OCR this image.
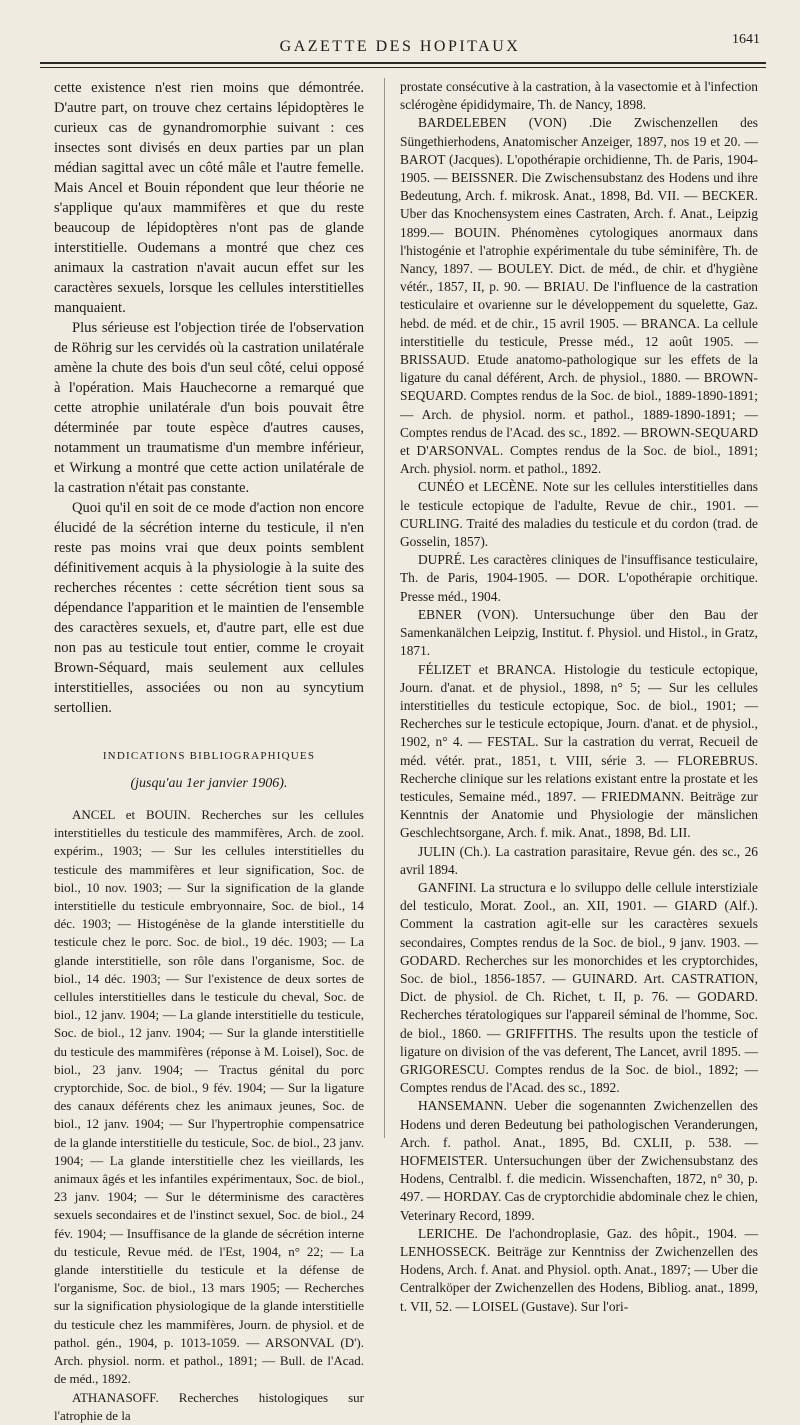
GAZETTE DES HOPITAUX	1641

cette existence n'est rien moins que démontrée. D'autre part, on trouve chez certains lépidoptères le curieux cas de gynandromorphie suivant : ces insectes sont divisés en deux parties par un plan médian sagittal avec un côté mâle et l'autre femelle. Mais Ancel et Bouin répondent que leur théorie ne s'applique qu'aux mammifères et que du reste beaucoup de lépidoptères n'ont pas de glande interstitielle. Oudemans a montré que chez ces animaux la castration n'avait aucun effet sur les caractères sexuels, lorsque les cellules interstitielles manquaient.

Plus sérieuse est l'objection tirée de l'observation de Röhrig sur les cervidés où la castration unilatérale amène la chute des bois d'un seul côté, celui opposé à l'opération. Mais Hauchecorne a remarqué que cette atrophie unilatérale d'un bois pouvait être déterminée par toute espèce d'autres causes, notamment un traumatisme d'un membre inférieur, et Wirkung a montré que cette action unilatérale de la castration n'était pas constante.

Quoi qu'il en soit de ce mode d'action non encore élucidé de la sécrétion interne du testicule, il n'en reste pas moins vrai que deux points semblent définitivement acquis à la physiologie à la suite des recherches récentes : cette sécrétion tient sous sa dépendance l'apparition et le maintien de l'ensemble des caractères sexuels, et, d'autre part, elle est due non pas au testicule tout entier, comme le croyait Brown-Séquard, mais seulement aux cellules interstitielles, associées ou non au syncytium sertollien.

INDICATIONS BIBLIOGRAPHIQUES

(jusqu'au 1er janvier 1906).

ANCEL et BOUIN. Recherches sur les cellules interstitielles du testicule des mammifères, Arch. de zool. expérim., 1903; — Sur les cellules interstitielles du testicule des mammifères et leur signification, Soc. de biol., 10 nov. 1903; — Sur la signification de la glande interstitielle du testicule embryonnaire, Soc. de biol., 14 déc. 1903; — Histogénèse de la glande interstitielle du testicule chez le porc. Soc. de biol., 19 déc. 1903; — La glande interstitielle, son rôle dans l'organisme, Soc. de biol., 14 déc. 1903; — Sur l'existence de deux sortes de cellules interstitielles dans le testicule du cheval, Soc. de biol., 12 janv. 1904; — La glande interstitielle du testicule, Soc. de biol., 12 janv. 1904; — Sur la glande interstitielle du testicule des mammifères (réponse à M. Loisel), Soc. de biol., 23 janv. 1904; — Tractus génital du porc cryptorchide, Soc. de biol., 9 fév. 1904; — Sur la ligature des canaux déférents chez les animaux jeunes, Soc. de biol., 12 janv. 1904; — Sur l'hypertrophie compensatrice de la glande interstitielle du testicule, Soc. de biol., 23 janv. 1904; — La glande interstitielle chez les vieillards, les animaux âgés et les infantiles expérimentaux, Soc. de biol., 23 janv. 1904; — Sur le déterminisme des caractères sexuels secondaires et de l'instinct sexuel, Soc. de biol., 24 fév. 1904; — Insuffisance de la glande de sécrétion interne du testicule, Revue méd. de l'Est, 1904, n° 22; — La glande interstitielle du testicule et la défense de l'organisme, Soc. de biol., 13 mars 1905; — Recherches sur la signification physiologique de la glande interstitielle du testicule chez les mammifères, Journ. de physiol. et de pathol. gén., 1904, p. 1013-1059. — ARSONVAL (D'). Arch. physiol. norm. et pathol., 1891; — Bull. de l'Acad. de méd., 1892.

ATHANASOFF. Recherches histologiques sur l'atrophie de la

prostate consécutive à la castration, à la vasectomie et à l'infection sclérogène épididymaire, Th. de Nancy, 1898.

BARDELEBEN (VON) .Die Zwischenzellen des Süngethierhodens, Anatomischer Anzeiger, 1897, nos 19 et 20. — BAROT (Jacques). L'opothérapie orchidienne, Th. de Paris, 1904-1905. — BEISSNER. Die Zwischensubstanz des Hodens und ihre Bedeutung, Arch. f. mikrosk. Anat., 1898, Bd. VII. — BECKER. Uber das Knochensystem eines Castraten, Arch. f. Anat., Leipzig 1899.— BOUIN. Phénomènes cytologiques anormaux dans l'histogénie et l'atrophie expérimentale du tube séminifère, Th. de Nancy, 1897. — BOULEY. Dict. de méd., de chir. et d'hygiène vétér., 1857, II, p. 90. — BRIAU. De l'influence de la castration testiculaire et ovarienne sur le développement du squelette, Gaz. hebd. de méd. et de chir., 15 avril 1905. — BRANCA. La cellule interstitielle du testicule, Presse méd., 12 août 1905. — BRISSAUD. Etude anatomo-pathologique sur les effets de la ligature du canal déférent, Arch. de physiol., 1880. — BROWN-SEQUARD. Comptes rendus de la Soc. de biol., 1889-1890-1891; — Arch. de physiol. norm. et pathol., 1889-1890-1891; — Comptes rendus de l'Acad. des sc., 1892. — BROWN-SEQUARD et D'ARSONVAL. Comptes rendus de la Soc. de biol., 1891; Arch. physiol. norm. et pathol., 1892.

CUNÉO et LECÈNE. Note sur les cellules interstitielles dans le testicule ectopique de l'adulte, Revue de chir., 1901. — CURLING. Traité des maladies du testicule et du cordon (trad. de Gosselin, 1857).

DUPRÉ. Les caractères cliniques de l'insuffisance testiculaire, Th. de Paris, 1904-1905. — DOR. L'opothérapie orchitique. Presse méd., 1904.

EBNER (VON). Untersuchunge über den Bau der Samenkanälchen Leipzig, Institut. f. Physiol. und Histol., in Gratz, 1871.

FÉLIZET et BRANCA. Histologie du testicule ectopique, Journ. d'anat. et de physiol., 1898, n° 5; — Sur les cellules interstitielles du testicule ectopique, Soc. de biol., 1901; — Recherches sur le testicule ectopique, Journ. d'anat. et de physiol., 1902, n° 4. — FESTAL. Sur la castration du verrat, Recueil de méd. vétér. prat., 1851, t. VIII, série 3. — FLOREBRUS. Recherche clinique sur les relations existant entre la prostate et les testicules, Semaine méd., 1897. — FRIEDMANN. Beiträge zur Kenntnis der Anatomie und Physiologie der mänslichen Geschlechtsorgane, Arch. f. mik. Anat., 1898, Bd. LII.

JULIN (Ch.). La castration parasitaire, Revue gén. des sc., 26 avril 1894.

GANFINI. La structura e lo sviluppo delle cellule interstiziale del testiculo, Morat. Zool., an. XII, 1901. — GIARD (Alf.). Comment la castration agit-elle sur les caractères sexuels secondaires, Comptes rendus de la Soc. de biol., 9 janv. 1903. — GODARD. Recherches sur les monorchides et les cryptorchides, Soc. de biol., 1856-1857. — GUINARD. Art. CASTRATION, Dict. de physiol. de Ch. Richet, t. II, p. 76. — GODARD. Recherches tératologiques sur l'appareil séminal de l'homme, Soc. de biol., 1860. — GRIFFITHS. The results upon the testicle of ligature on division of the vas deferent, The Lancet, avril 1895. — GRIGORESCU. Comptes rendus de la Soc. de biol., 1892; — Comptes rendus de l'Acad. des sc., 1892.

HANSEMANN. Ueber die sogenannten Zwichenzellen des Hodens und deren Bedeutung bei pathologischen Veranderungen, Arch. f. pathol. Anat., 1895, Bd. CXLII, p. 538. — HOFMEISTER. Untersuchungen über der Zwichensubstanz des Hodens, Centralbl. f. die medicin. Wissenchaften, 1872, n° 30, p. 497. — HORDAY. Cas de cryptorchidie abdominale chez le chien, Veterinary Record, 1899.

LERICHE. De l'achondroplasie, Gaz. des hôpit., 1904. — LENHOSSECK. Beiträge zur Kenntniss der Zwichenzellen des Hodens, Arch. f. Anat. and Physiol. opth. Anat., 1897; — Uber die Centralköper der Zwichenzellen des Hodens, Bibliog. anat., 1899, t. VII, 52. — LOISEL (Gustave). Sur l'ori-
